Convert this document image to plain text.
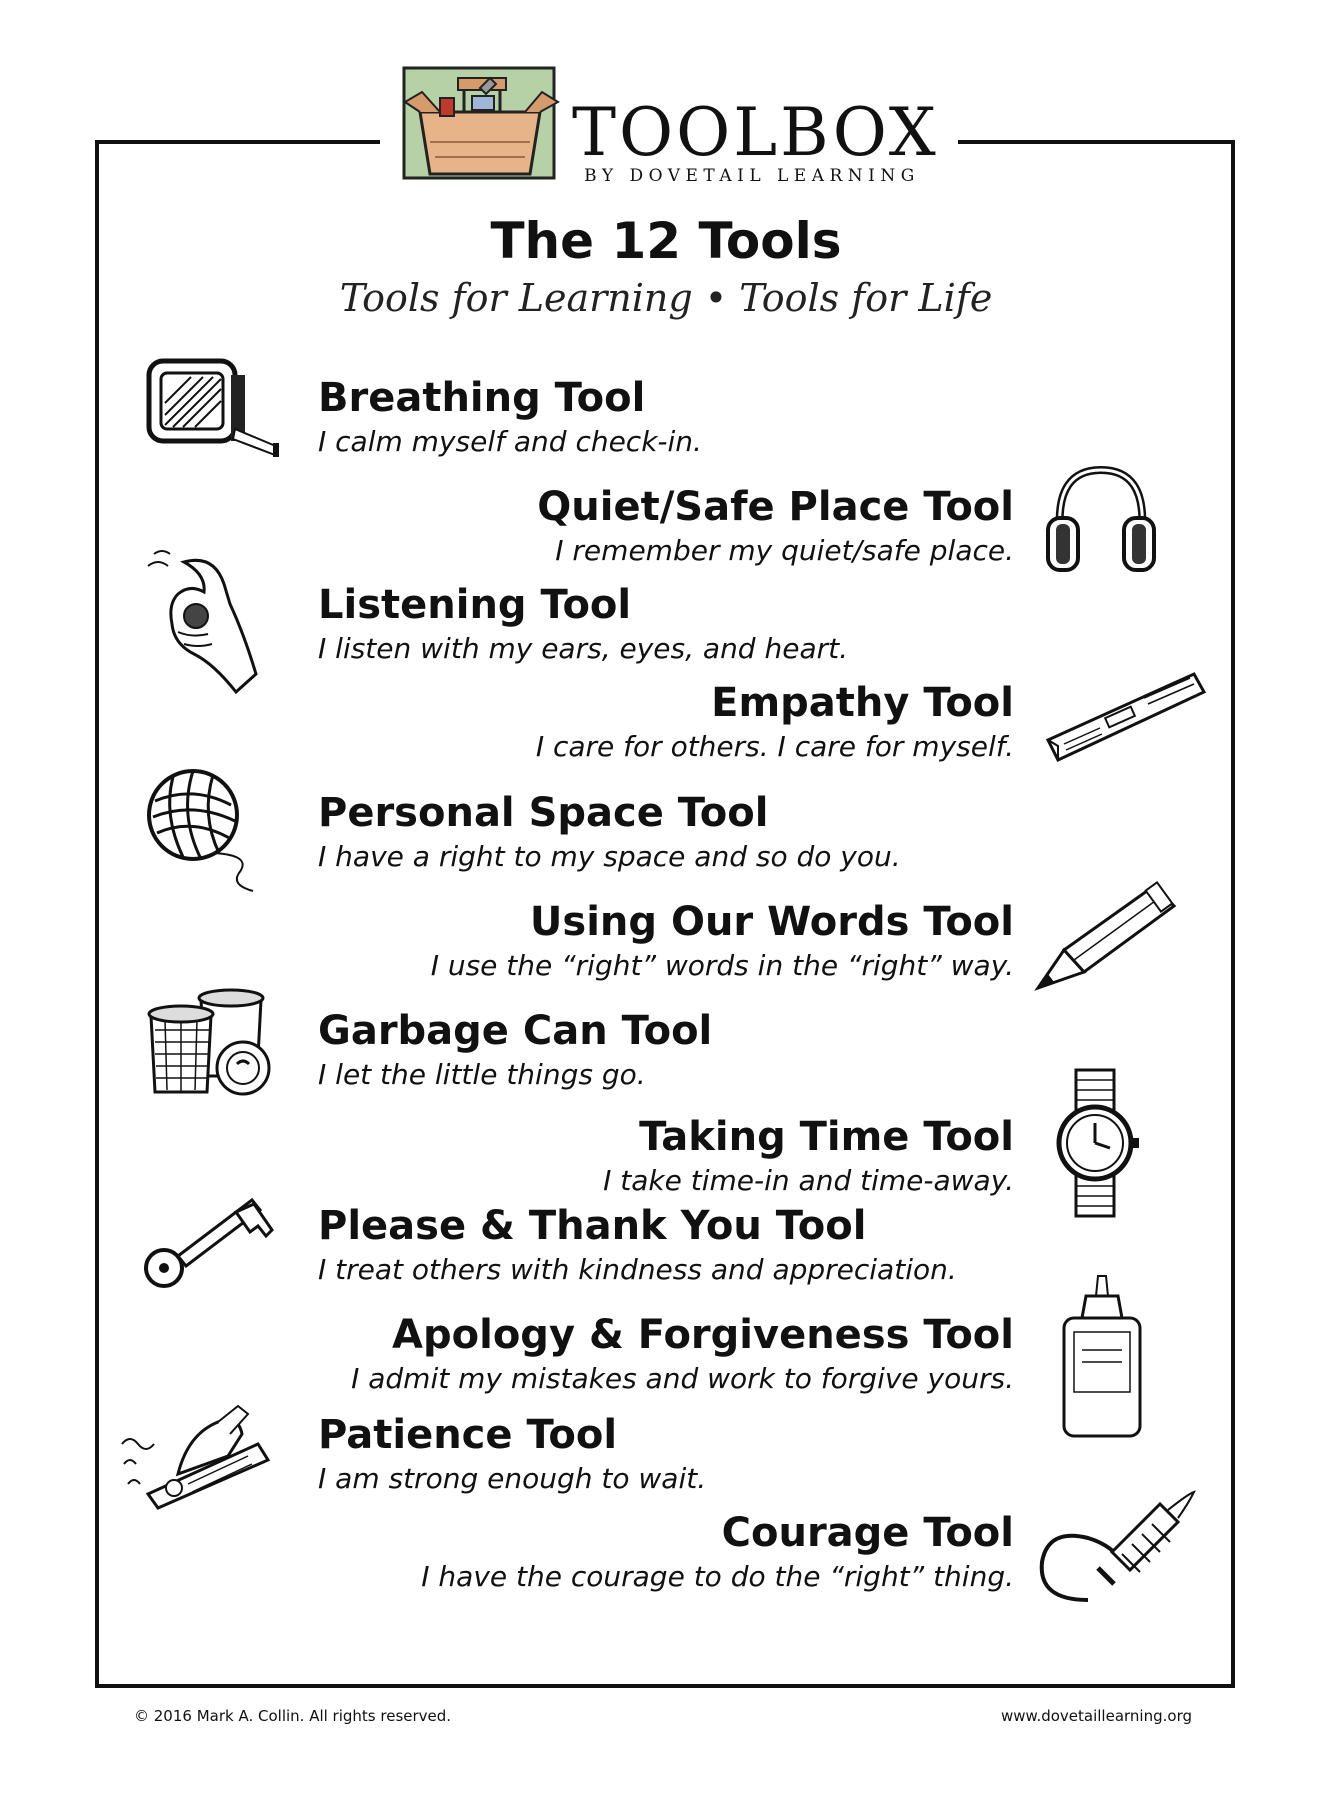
TOOLBOX
BY DOVETAIL LEARNING
The 12 Tools
Tools for Learning • Tools for Life
Breathing Tool
I calm myself and check-in.
Quiet/Safe Place Tool
I remember my quiet/safe place.
Listening Tool
I listen with my ears, eyes, and heart.
Empathy Tool
I care for others. I care for myself.
Personal Space Tool
I have a right to my space and so do you.
Using Our Words Tool
I use the “right” words in the “right” way.
Garbage Can Tool
I let the little things go.
Taking Time Tool
I take time-in and time-away.
Please & Thank You Tool
I treat others with kindness and appreciation.
Apology & Forgiveness Tool
I admit my mistakes and work to forgive yours.
Patience Tool
I am strong enough to wait.
Courage Tool
I have the courage to do the “right” thing.
© 2016 Mark A. Collin. All rights reserved.	www.dovetaillearning.org
